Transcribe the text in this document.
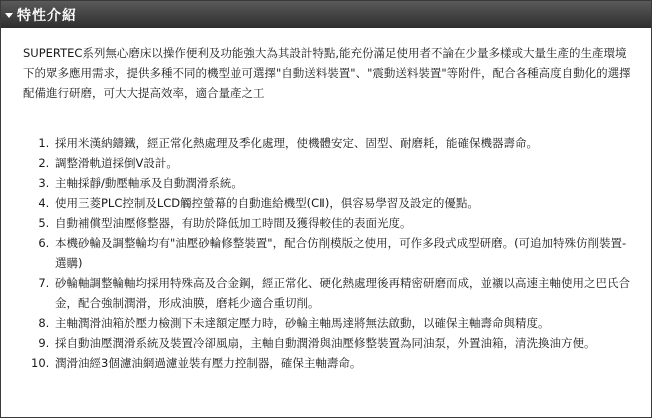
特性介紹

SUPERTEC系列無心磨床以操作便利及功能強大為其設計特點,能充份滿足使用者不論在少量多樣或大量生產的生產環境下的眾多應用需求，提供多種不同的機型並可選擇"自動送料裝置"、"震動送料裝置"等附件，配合各種高度自動化的選擇配備進行研磨，可大大提高效率，適合量產之工

1. 採用米漢納鑄鐵，經正常化熱處理及季化處理，使機體安定、固型、耐磨耗，能確保機器壽命。
2. 調整滑軌道採倒V設計。
3. 主軸採靜/動壓軸承及自動潤滑系統。
4. 使用三菱PLC控制及LCD觸控螢幕的自動進給機型(CⅡ)，俱容易學習及設定的優點。
5. 自動補償型油壓修整器，有助於降低加工時間及獲得較佳的表面光度。
6. 本機砂輪及調整輪均有"油壓砂輪修整裝置"，配合仿削模版之使用，可作多段式成型研磨。(可追加特殊仿削裝置-選購)
7. 砂輪軸調整輪軸均採用特殊高及合金鋼，經正常化、硬化熱處理後再精密研磨而成，並襯以高速主軸使用之巴氏合金，配合強制潤滑，形成油膜，磨耗少適合重切削。
8. 主軸潤滑油箱於壓力檢測下未達額定壓力時，砂輪主軸馬達將無法啟動，以確保主軸壽命與精度。
9. 採自動油壓潤滑系統及裝置冷卻風扇，主軸自動潤滑與油壓修整裝置為同油泵，外置油箱，清洗換油方便。
10. 潤滑油經3個濾油網過濾並裝有壓力控制器，確保主軸壽命。
